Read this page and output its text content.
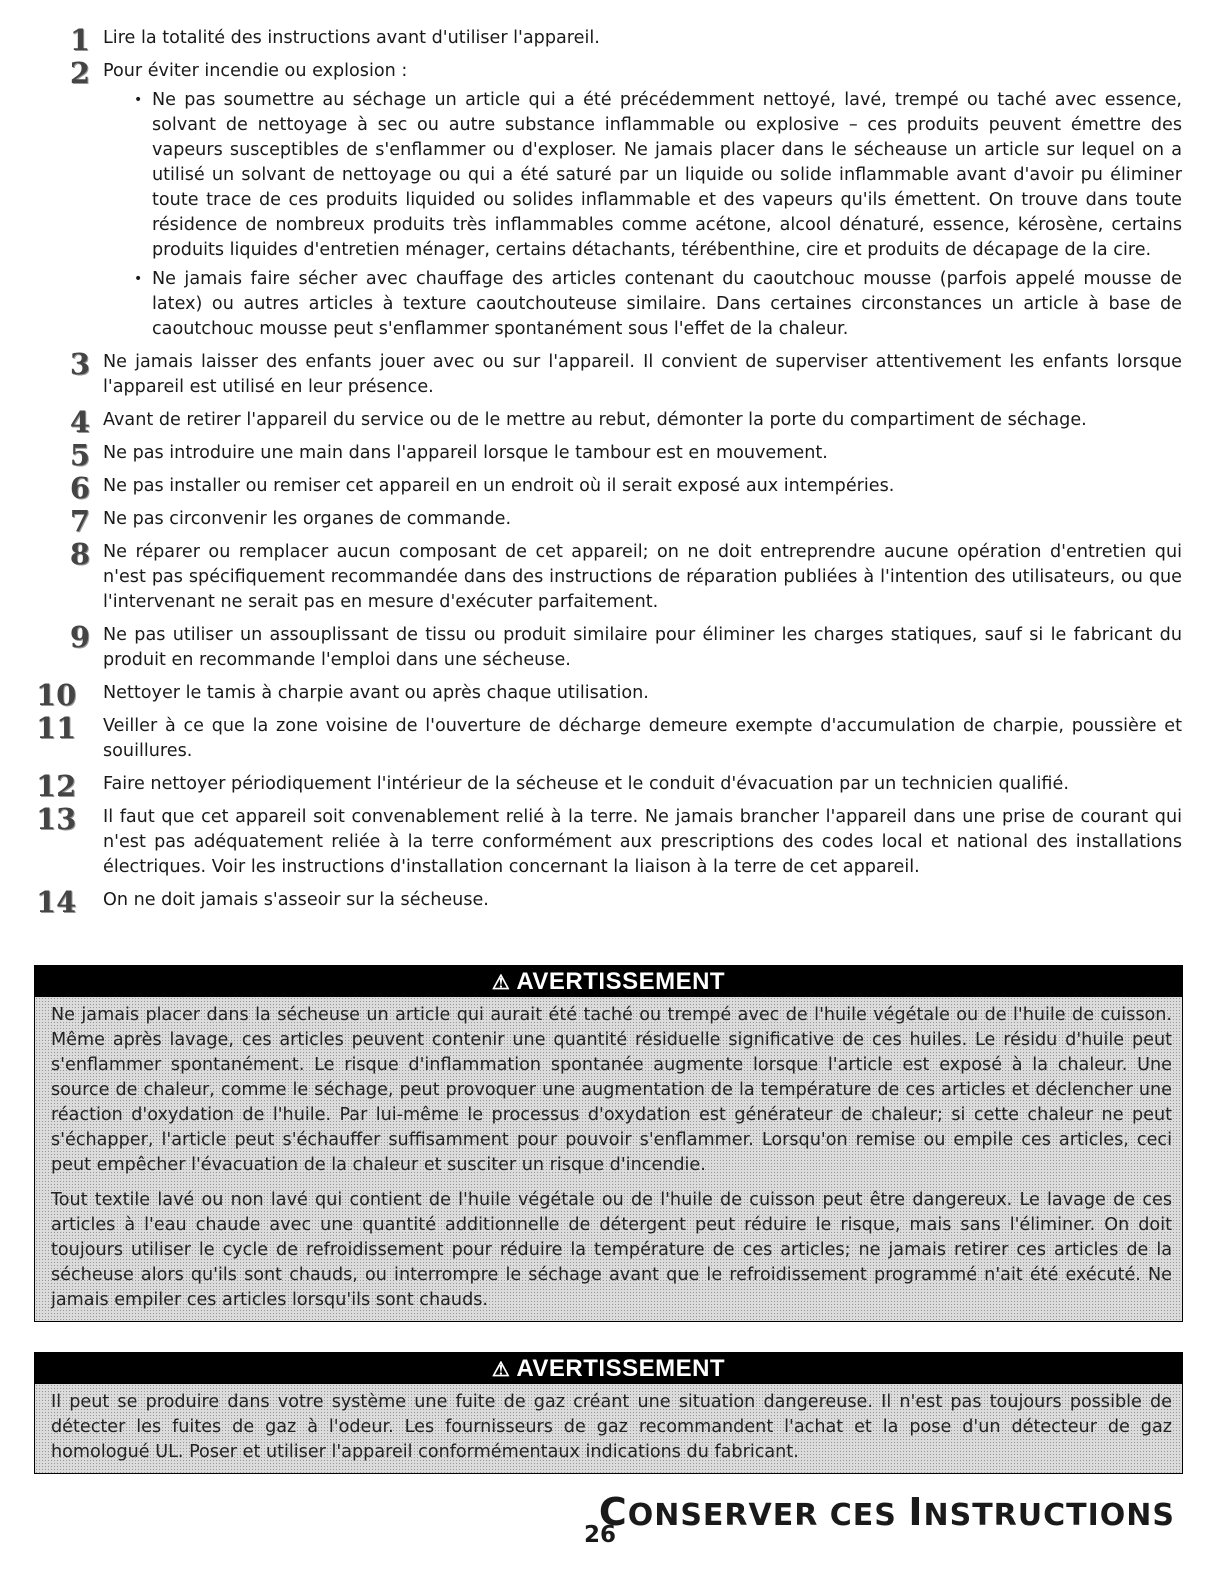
1 Lire la totalité des instructions avant d'utiliser l'appareil.
2 Pour éviter incendie ou explosion :
• Ne pas soumettre au séchage un article qui a été précédemment nettoyé, lavé, trempé ou taché avec essence, solvant de nettoyage à sec ou autre substance inflammable ou explosive – ces produits peuvent émettre des vapeurs susceptibles de s'enflammer ou d'exploser. Ne jamais placer dans le sécheause un article sur lequel on a utilisé un solvant de nettoyage ou qui a été saturé par un liquide ou solide inflammable avant d'avoir pu éliminer toute trace de ces produits liquided ou solides inflammable et des vapeurs qu'ils émettent. On trouve dans toute résidence de nombreux produits très inflammables comme acétone, alcool dénaturé, essence, kérosène, certains produits liquides d'entretien ménager, certains détachants, térébenthine, cire et produits de décapage de la cire.
• Ne jamais faire sécher avec chauffage des articles contenant du caoutchouc mousse (parfois appelé mousse de latex) ou autres articles à texture caoutchouteuse similaire. Dans certaines circonstances un article à base de caoutchouc mousse peut s'enflammer spontanément sous l'effet de la chaleur.
3 Ne jamais laisser des enfants jouer avec ou sur l'appareil. Il convient de superviser attentivement les enfants lorsque l'appareil est utilisé en leur présence.
4 Avant de retirer l'appareil du service ou de le mettre au rebut, démonter la porte du compartiment de séchage.
5 Ne pas introduire une main dans l'appareil lorsque le tambour est en mouvement.
6 Ne pas installer ou remiser cet appareil en un endroit où il serait exposé aux intempéries.
7 Ne pas circonvenir les organes de commande.
8 Ne réparer ou remplacer aucun composant de cet appareil; on ne doit entreprendre aucune opération d'entretien qui n'est pas spécifiquement recommandée dans des instructions de réparation publiées à l'intention des utilisateurs, ou que l'intervenant ne serait pas en mesure d'exécuter parfaitement.
9 Ne pas utiliser un assouplissant de tissu ou produit similaire pour éliminer les charges statiques, sauf si le fabricant du produit en recommande l'emploi dans une sécheuse.
10	Nettoyer le tamis à charpie avant ou après chaque utilisation.
11	Veiller à ce que la zone voisine de l'ouverture de décharge demeure exempte d'accumulation de charpie, poussière et souillures.
12	Faire nettoyer périodiquement l'intérieur de la sécheuse et le conduit d'évacuation par un technicien qualifié.
13	Il faut que cet appareil soit convenablement relié à la terre. Ne jamais brancher l'appareil dans une prise de courant qui n'est pas adéquatement reliée à la terre conformément aux prescriptions des codes local et national des installations électriques. Voir les instructions d'installation concernant la liaison à la terre de cet appareil.
14	On ne doit jamais s'asseoir sur la sécheuse.
⚠ AVERTISSEMENT

Ne jamais placer dans la sécheuse un article qui aurait été taché ou trempé avec de l'huile végétale ou de l'huile de cuisson. Même après lavage, ces articles peuvent contenir une quantité résiduelle significative de ces huiles. Le résidu d'huile peut s'enflammer spontanément. Le risque d'inflammation spontanée augmente lorsque l'article est exposé à la chaleur. Une source de chaleur, comme le séchage, peut provoquer une augmentation de la température de ces articles et déclencher une réaction d'oxydation de l'huile. Par lui-même le processus d'oxydation est générateur de chaleur; si cette chaleur ne peut s'échapper, l'article peut s'échauffer suffisamment pour pouvoir s'enflammer. Lorsqu'on remise ou empile ces articles, ceci peut empêcher l'évacuation de la chaleur et susciter un risque d'incendie.

Tout textile lavé ou non lavé qui contient de l'huile végétale ou de l'huile de cuisson peut être dangereux. Le lavage de ces articles à l'eau chaude avec une quantité additionnelle de détergent peut réduire le risque, mais sans l'éliminer. On doit toujours utiliser le cycle de refroidissement pour réduire la température de ces articles; ne jamais retirer ces articles de la sécheuse alors qu'ils sont chauds, ou interrompre le séchage avant que le refroidissement programmé n'ait été exécuté. Ne jamais empiler ces articles lorsqu'ils sont chauds.

⚠ AVERTISSEMENT

Il peut se produire dans votre système une fuite de gaz créant une situation dangereuse. Il n'est pas toujours possible de détecter les fuites de gaz à l'odeur. Les fournisseurs de gaz recommandent l'achat et la pose d'un détecteur de gaz homologué UL. Poser et utiliser l'appareil conformémentaux indications du fabricant.

26
CONSERVER CES INSTRUCTIONS
